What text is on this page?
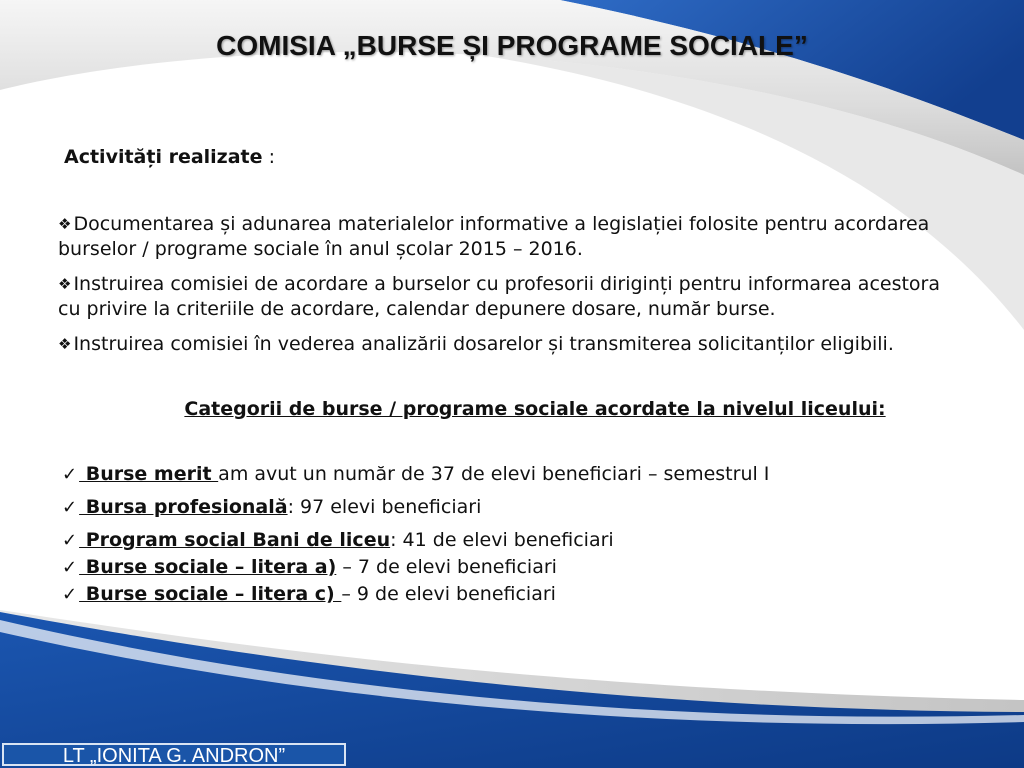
COMISIA „BURSE ȘI PROGRAME SOCIALE”
Activități realizate :
❖ Documentarea și adunarea materialelor informative a legislației folosite pentru acordarea burselor / programe sociale în anul școlar 2015 – 2016.
❖ Instruirea comisiei de acordare a burselor cu profesorii diriginți pentru informarea acestora cu privire la criteriile de acordare, calendar depunere dosare, număr burse.
❖ Instruirea comisiei în vederea analizării dosarelor și transmiterea solicitanților eligibili.
Categorii de burse / programe sociale acordate la nivelul liceului:
✓ Burse merit am avut un număr de 37 de elevi beneficiari – semestrul I
✓ Bursa profesională: 97 elevi beneficiari
✓ Program social Bani de liceu: 41 de elevi beneficiari
✓ Burse sociale – litera a) – 7 de elevi beneficiari
✓ Burse sociale – litera c) – 9 de elevi beneficiari
LT „IONITA G. ANDRON”
